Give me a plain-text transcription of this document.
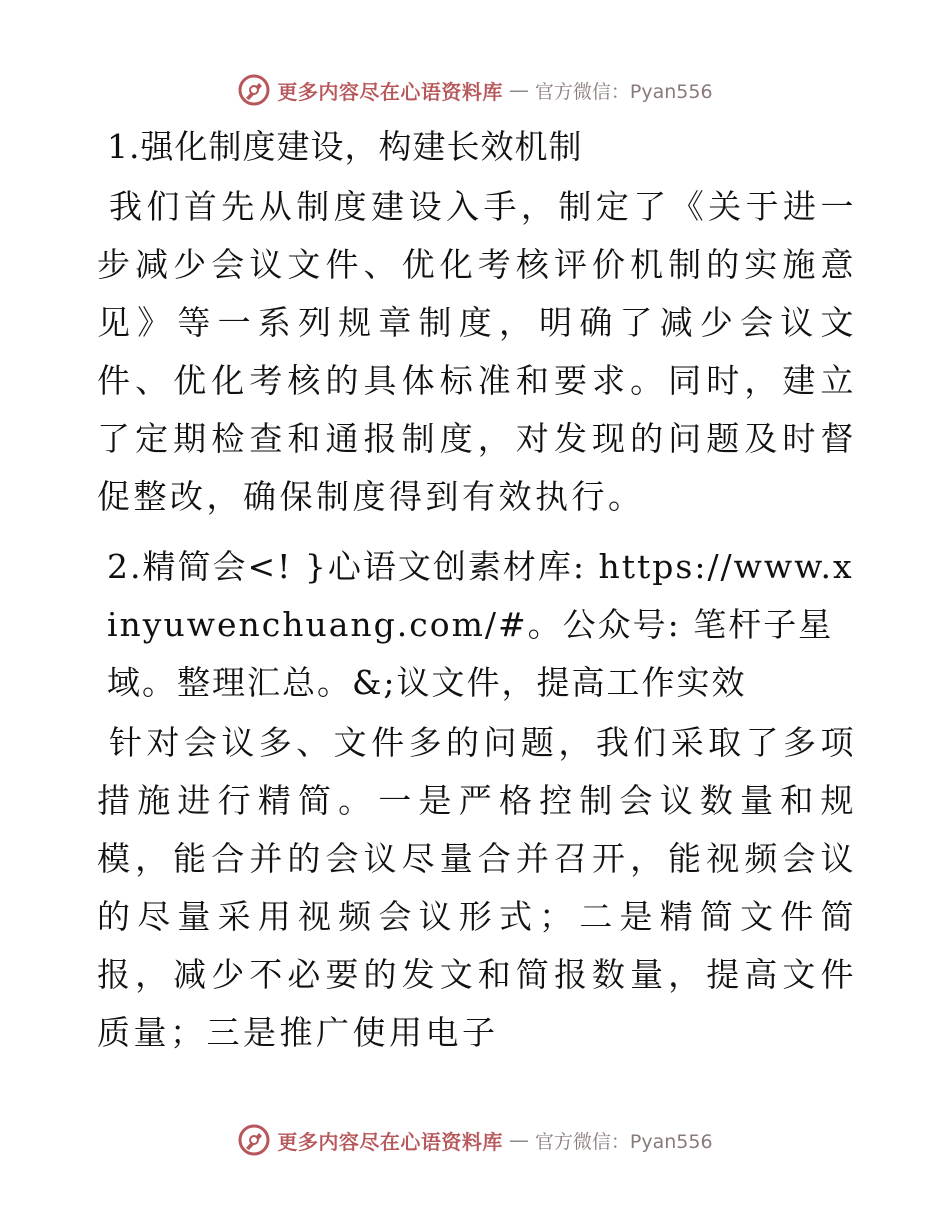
更多内容尽在心语资料库 — 官方微信：Pyan556
1.强化制度建设，构建长效机制
我们首先从制度建设入手，制定了《关于进一步减少会议文件、优化考核评价机制的实施意见》等一系列规章制度，明确了减少会议文件、优化考核的具体标准和要求。同时，建立了定期检查和通报制度，对发现的问题及时督促整改，确保制度得到有效执行。
2.精简会<! }心语文创素材库: https://www.xinyuwenchuang.com/#。公众号: 笔杆子星域。整理汇总。&;议文件，提高工作实效
针对会议多、文件多的问题，我们采取了多项措施进行精简。一是严格控制会议数量和规模，能合并的会议尽量合并召开，能视频会议的尽量采用视频会议形式；二是精简文件简报，减少不必要的发文和简报数量，提高文件质量；三是推广使用电子
更多内容尽在心语资料库 — 官方微信：Pyan556
